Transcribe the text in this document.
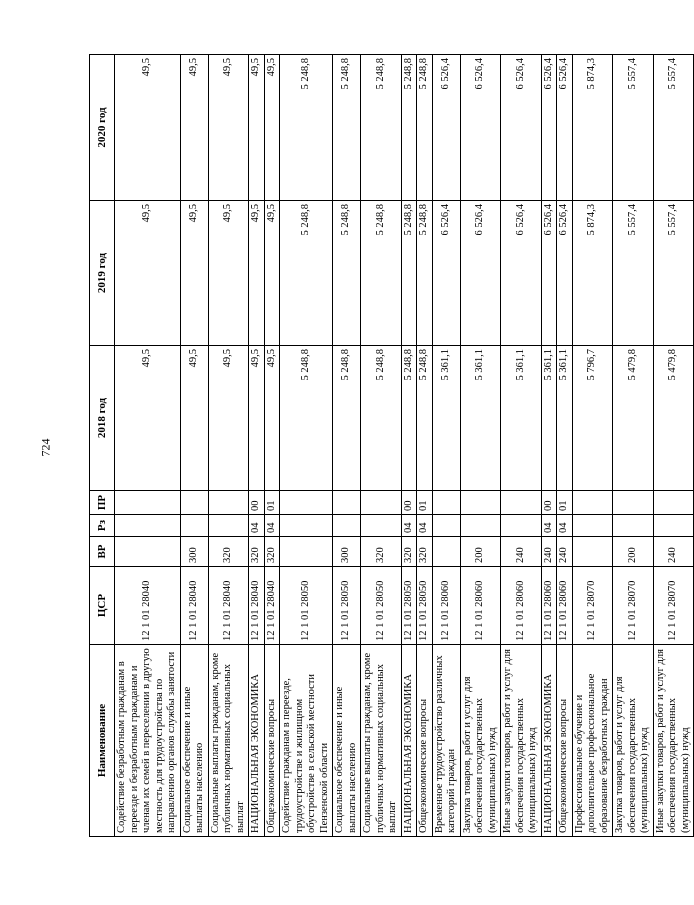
724
Наименование	ЦСР	ВР	Рз	ПР	2018 год	2019 год	2020 год
Содействие безработным гражданам в переезде и безработным гражданам и членам их семей в переселении в другую местность для трудоустройства по направлению органов службы занятости	12 1 01 28040				49,5	49,5	49,5
Социальное обеспечение и иные выплаты населению	12 1 01 28040	300			49,5	49,5	49,5
Социальные выплаты гражданам, кроме публичных нормативных социальных выплат	12 1 01 28040	320			49,5	49,5	49,5
НАЦИОНАЛЬНАЯ ЭКОНОМИКА	12 1 01 28040	320	04	00	49,5	49,5	49,5
Общеэкономические вопросы	12 1 01 28040	320	04	01	49,5	49,5	49,5
Содействие гражданам в переезде, трудоустройстве и жилищном обустройстве в сельской местности Пензенской области	12 1 01 28050				5 248,8	5 248,8	5 248,8
Социальное обеспечение и иные выплаты населению	12 1 01 28050	300			5 248,8	5 248,8	5 248,8
Социальные выплаты гражданам, кроме публичных нормативных социальных выплат	12 1 01 28050	320			5 248,8	5 248,8	5 248,8
НАЦИОНАЛЬНАЯ ЭКОНОМИКА	12 1 01 28050	320	04	00	5 248,8	5 248,8	5 248,8
Общеэкономические вопросы	12 1 01 28050	320	04	01	5 248,8	5 248,8	5 248,8
Временное трудоустройство различных категорий граждан	12 1 01 28060				5 361,1	6 526,4	6 526,4
Закупка товаров, работ и услуг для обеспечения государственных (муниципальных) нужд	12 1 01 28060	200			5 361,1	6 526,4	6 526,4
Иные закупки товаров, работ и услуг для обеспечения государственных (муниципальных) нужд	12 1 01 28060	240			5 361,1	6 526,4	6 526,4
НАЦИОНАЛЬНАЯ ЭКОНОМИКА	12 1 01 28060	240	04	00	5 361,1	6 526,4	6 526,4
Общеэкономические вопросы	12 1 01 28060	240	04	01	5 361,1	6 526,4	6 526,4
Профессиональное обучение и дополнительное профессиональное образование безработных граждан	12 1 01 28070				5 796,7	5 874,3	5 874,3
Закупка товаров, работ и услуг для обеспечения государственных (муниципальных) нужд	12 1 01 28070	200			5 479,8	5 557,4	5 557,4
Иные закупки товаров, работ и услуг для обеспечения государственных (муниципальных) нужд	12 1 01 28070	240			5 479,8	5 557,4	5 557,4
